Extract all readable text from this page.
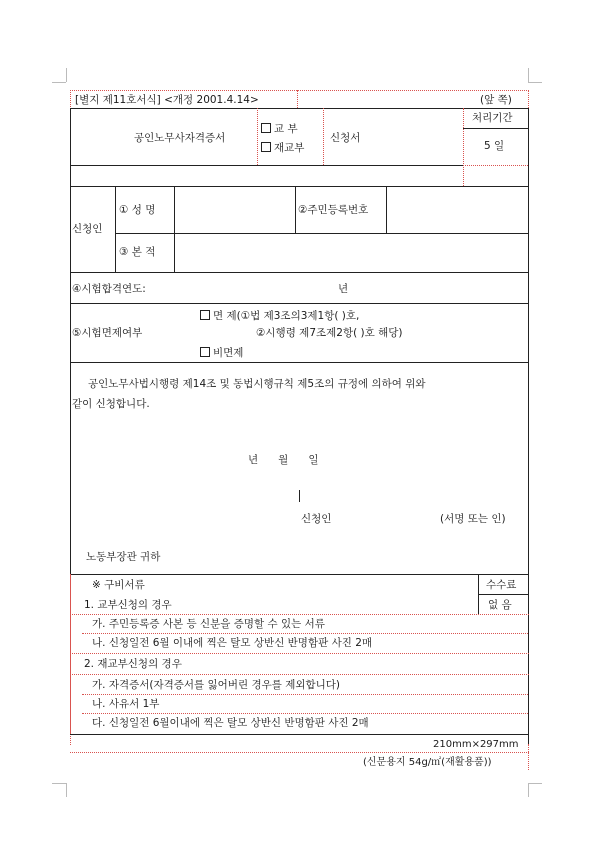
[별지 제11호서식] <개정 2001.4.14>	(앞 쪽)
공인노무사자격증서
교 부
재교부
신청서
처리기간
5 일
신청인
① 성 명	②주민등록번호
③ 본 적
④시험합격연도:	년
⑤시험면제여부
면 제(①법 제3조의3제1항( )호,
②시행령 제7조제2항( )호 해당)
비면제
공인노무사법시행령 제14조 및 동법시행규칙 제5조의 규정에 의하여 위와
같이 신청합니다.
년      월      일
신청인	(서명 또는 인)
노동부장관 귀하
※ 구비서류	수수료
없 음
1. 교부신청의 경우
가. 주민등록증 사본 등 신분을 증명할 수 있는 서류
나. 신청일전 6월 이내에 찍은 탈모 상반신 반명함판 사진 2매
2. 재교부신청의 경우
가. 자격증서(자격증서를 잃어버린 경우를 제외합니다)
나. 사유서 1부
다. 신청일전 6월이내에 찍은 탈모 상반신 반명함판 사진 2매
210mm×297mm
(신문용지 54g/㎡(재활용품))
